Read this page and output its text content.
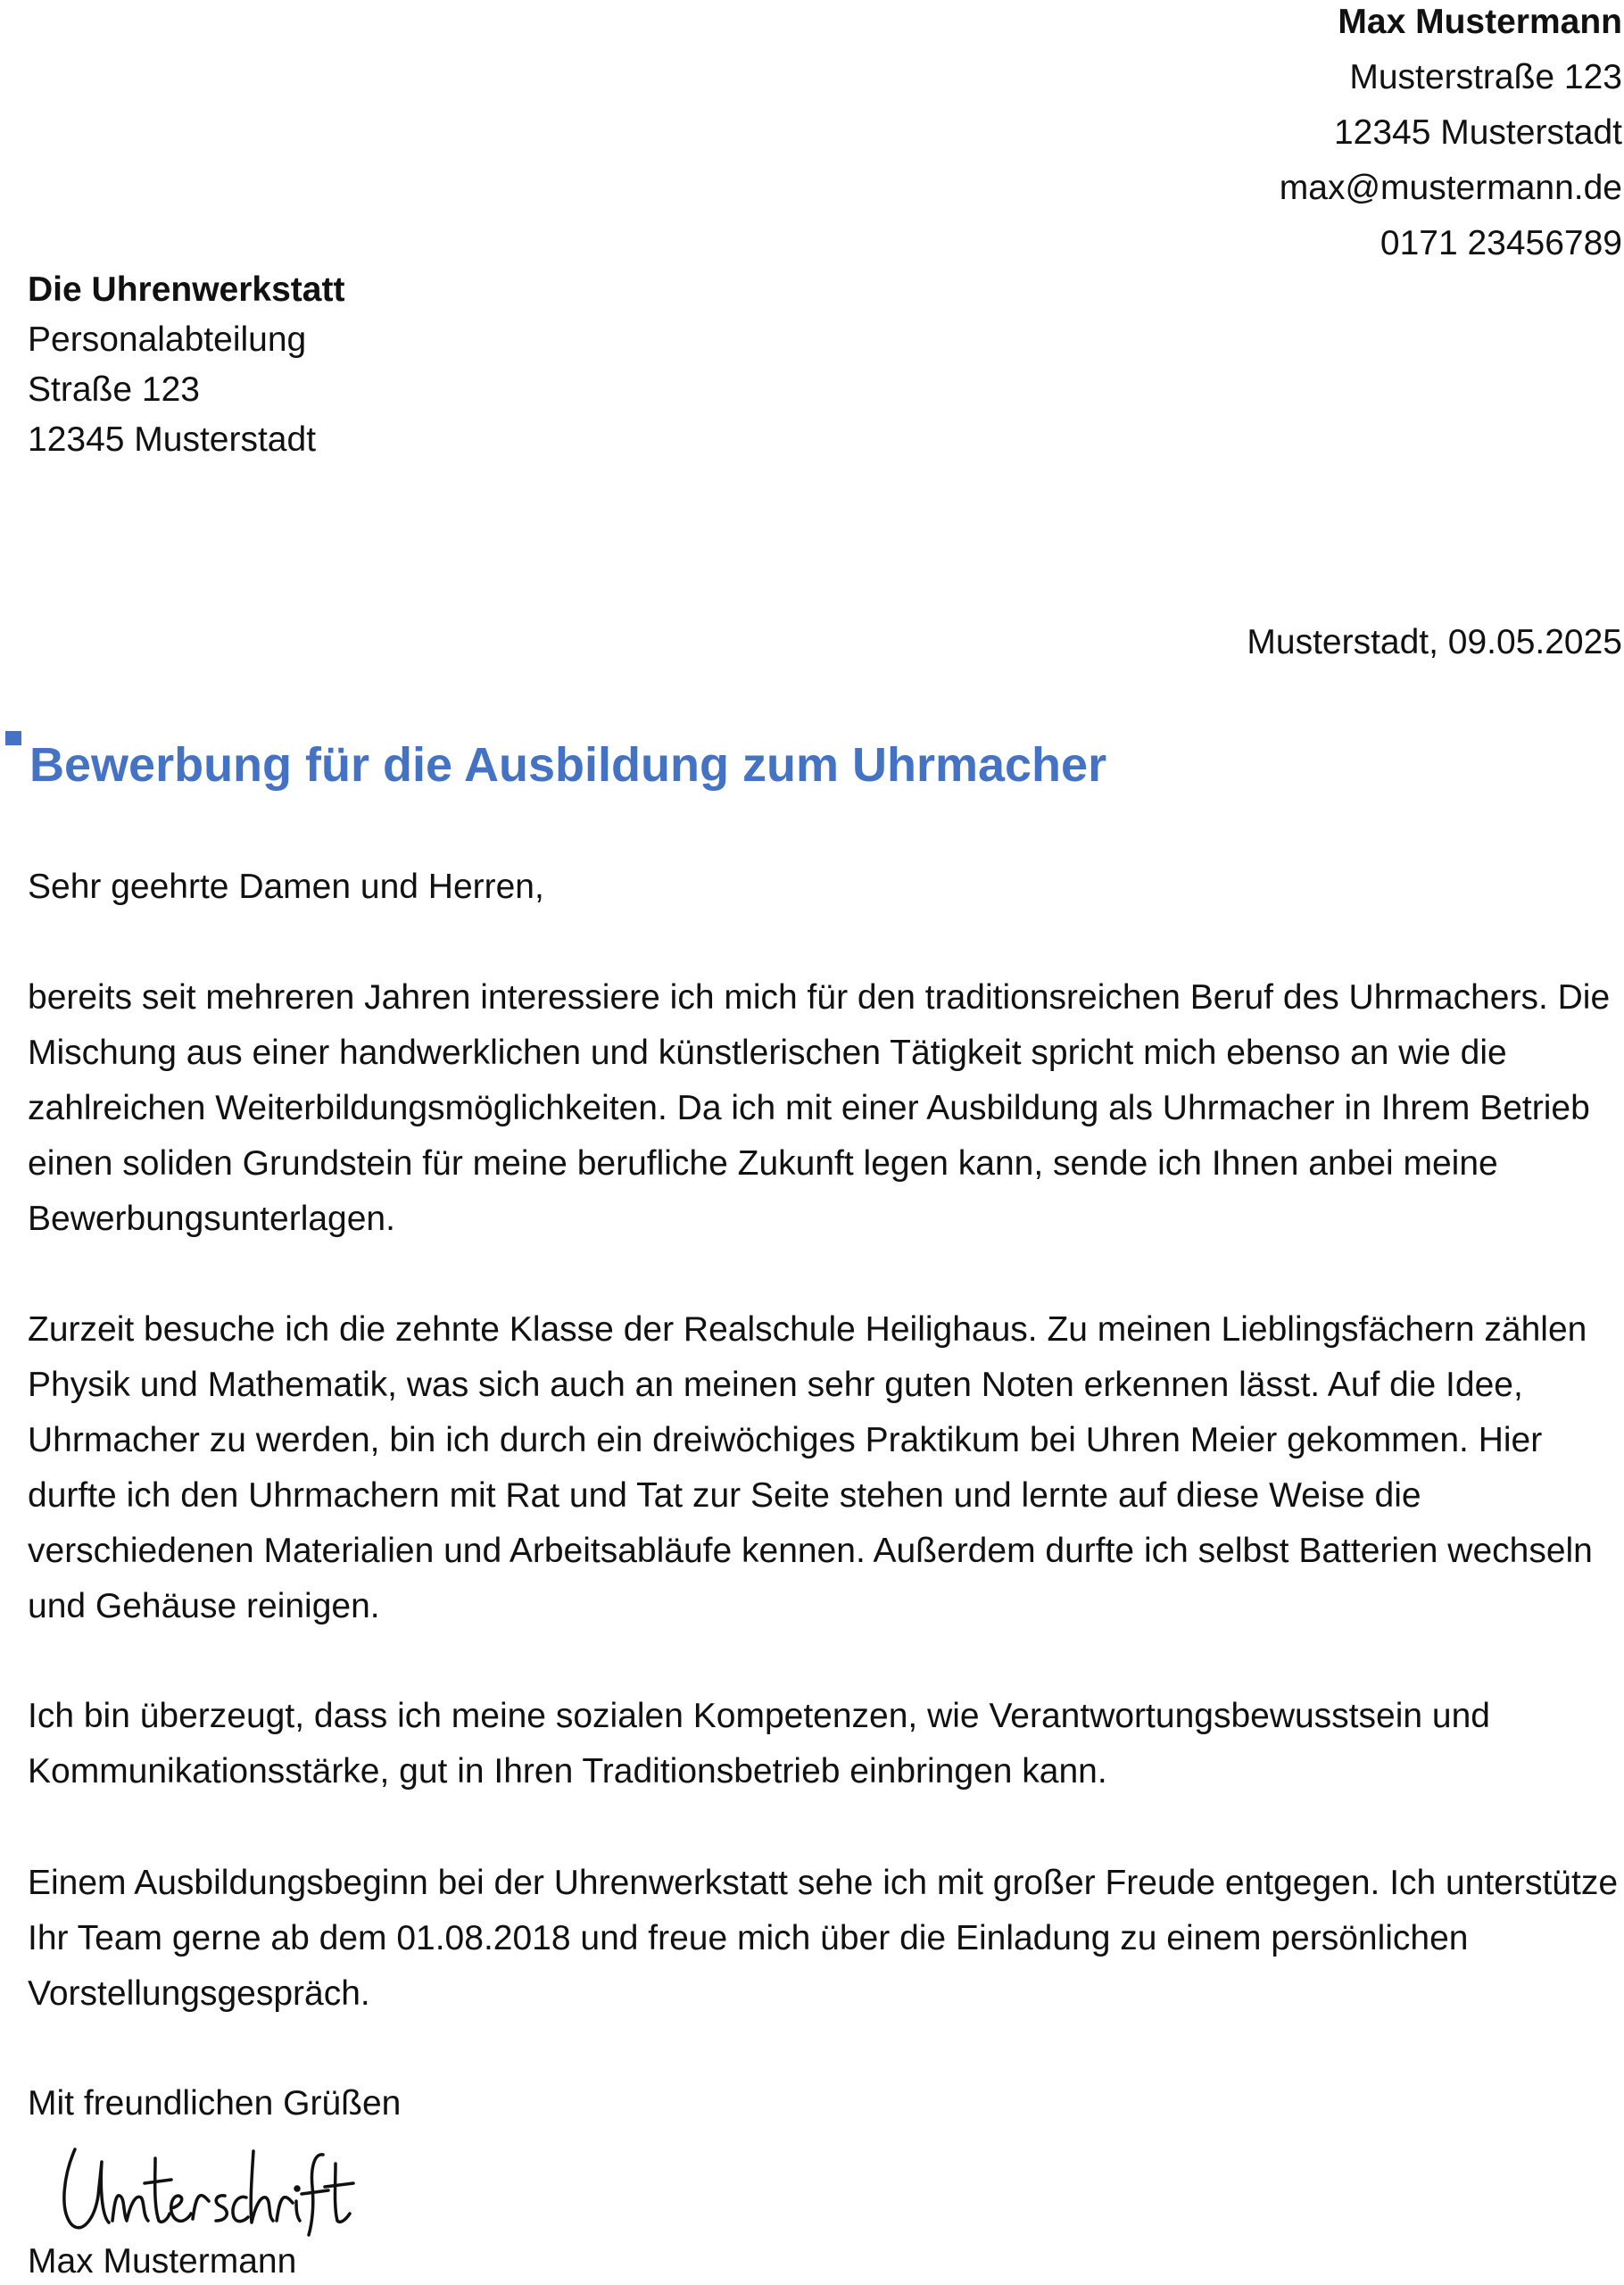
Max Mustermann
Musterstraße 123
12345 Musterstadt
max@mustermann.de
0171 23456789
Die Uhrenwerkstatt
Personalabteilung
Straße 123
12345 Musterstadt
Musterstadt, 09.05.2025
Bewerbung für die Ausbildung zum Uhrmacher

Sehr geehrte Damen und Herren,

bereits seit mehreren Jahren interessiere ich mich für den traditionsreichen Beruf des Uhrmachers. Die Mischung aus einer handwerklichen und künstlerischen Tätigkeit spricht mich ebenso an wie die zahlreichen Weiterbildungsmöglichkeiten. Da ich mit einer Ausbildung als Uhrmacher in Ihrem Betrieb einen soliden Grundstein für meine berufliche Zukunft legen kann, sende ich Ihnen anbei meine Bewerbungsunterlagen.

Zurzeit besuche ich die zehnte Klasse der Realschule Heilighaus. Zu meinen Lieblingsfächern zählen Physik und Mathematik, was sich auch an meinen sehr guten Noten erkennen lässt. Auf die Idee, Uhrmacher zu werden, bin ich durch ein dreiwöchiges Praktikum bei Uhren Meier gekommen. Hier durfte ich den Uhrmachern mit Rat und Tat zur Seite stehen und lernte auf diese Weise die verschiedenen Materialien und Arbeitsabläufe kennen. Außerdem durfte ich selbst Batterien wechseln und Gehäuse reinigen.

Ich bin überzeugt, dass ich meine sozialen Kompetenzen, wie Verantwortungsbewusstsein und Kommunikationsstärke, gut in Ihren Traditionsbetrieb einbringen kann.

Einem Ausbildungsbeginn bei der Uhrenwerkstatt sehe ich mit großer Freude entgegen. Ich unterstütze Ihr Team gerne ab dem 01.08.2018 und freue mich über die Einladung zu einem persönlichen Vorstellungsgespräch.

Mit freundlichen Grüßen

Max Mustermann
